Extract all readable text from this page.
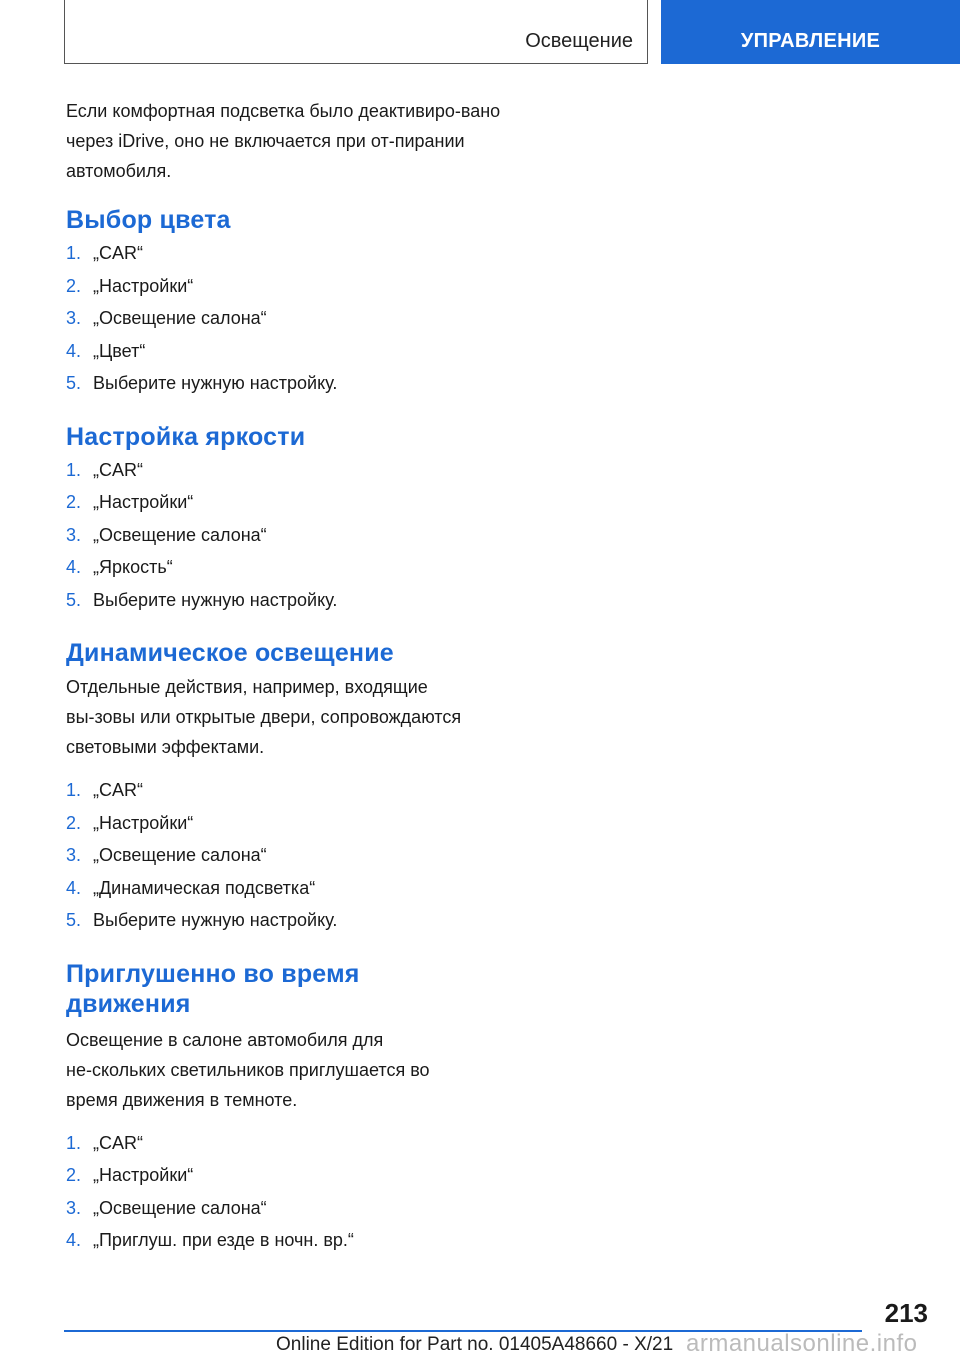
Освещение	УПРАВЛЕНИЕ

Если комфортная подсветка было деактивиро‑вано через iDrive, оно не включается при от‑пирании автомобиля.

Выбор цвета
1. „CAR“
2. „Настройки“
3. „Освещение салона“
4. „Цвет“
5. Выберите нужную настройку.
Настройка яркости
1. „CAR“
2. „Настройки“
3. „Освещение салона“
4. „Яркость“
5. Выберите нужную настройку.
Динамическое освещение

Отдельные действия, например, входящие вы‑зовы или открытые двери, сопровождаются световыми эффектами.

1. „CAR“
2. „Настройки“
3. „Освещение салона“
4. „Динамическая подсветка“
5. Выберите нужную настройку.
Приглушенно во время движения

Освещение в салоне автомобиля для не‑скольких светильников приглушается во время движения в темноте.

1. „CAR“
2. „Настройки“
3. „Освещение салона“
4. „Приглуш. при езде в ночн. вр.“
213
Online Edition for Part no. 01405A48660 - X/21 armanualsonline.info
